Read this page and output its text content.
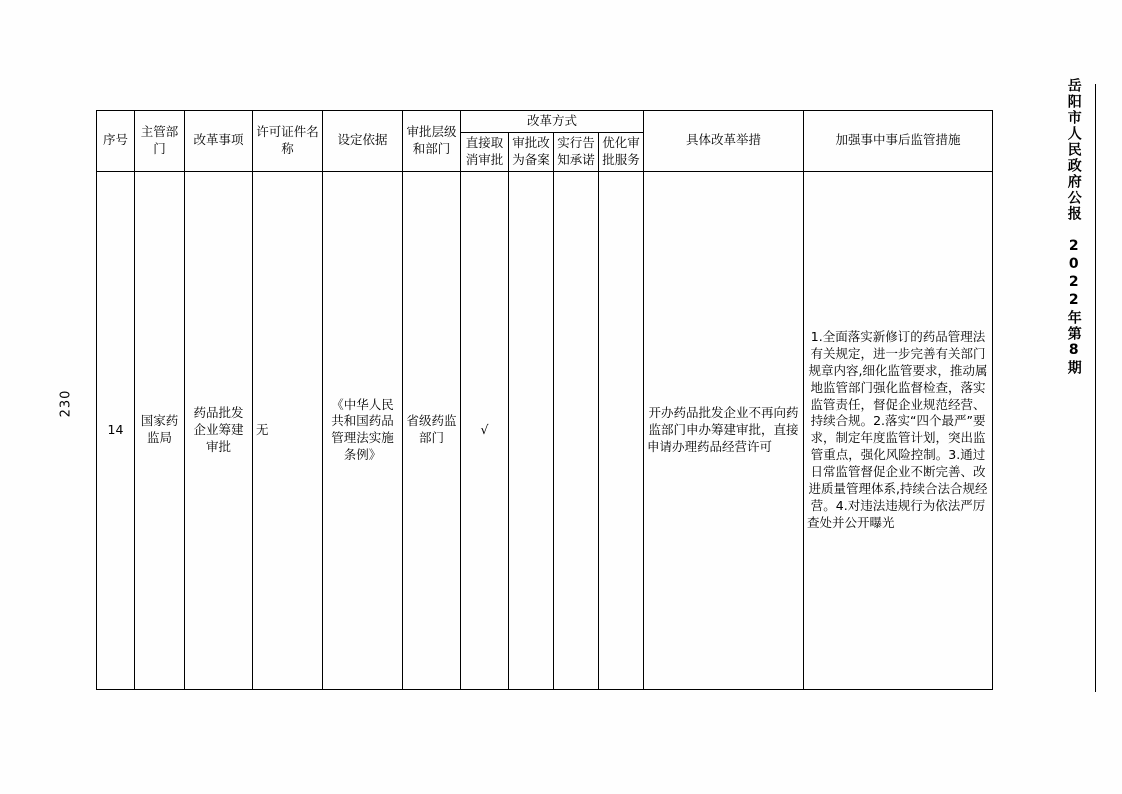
岳阳市人民政府公报　2022年第8期
230
序号	主管部门	改革事项	许可证件名称	设定依据	审批层级和部门	改革方式				具体改革举措	加强事中事后监管措施
						直接取消审批	审批改为备案	实行告知承诺	优化审批服务		
14	国家药监局	药品批发企业筹建审批	无	《中华人民共和国药品管理法实施条例》	省级药监部门	√				开办药品批发企业不再向药监部门申办筹建审批，直接申请办理药品经营许可	1.全面落实新修订的药品管理法有关规定，进一步完善有关部门规章内容,细化监管要求，推动属地监管部门强化监督检查，落实监管责任，督促企业规范经营、持续合规。2.落实“四个最严”要求，制定年度监管计划，突出监管重点，强化风险控制。3.通过日常监管督促企业不断完善、改进质量管理体系,持续合法合规经营。4.对违法违规行为依法严厉查处并公开曝光
